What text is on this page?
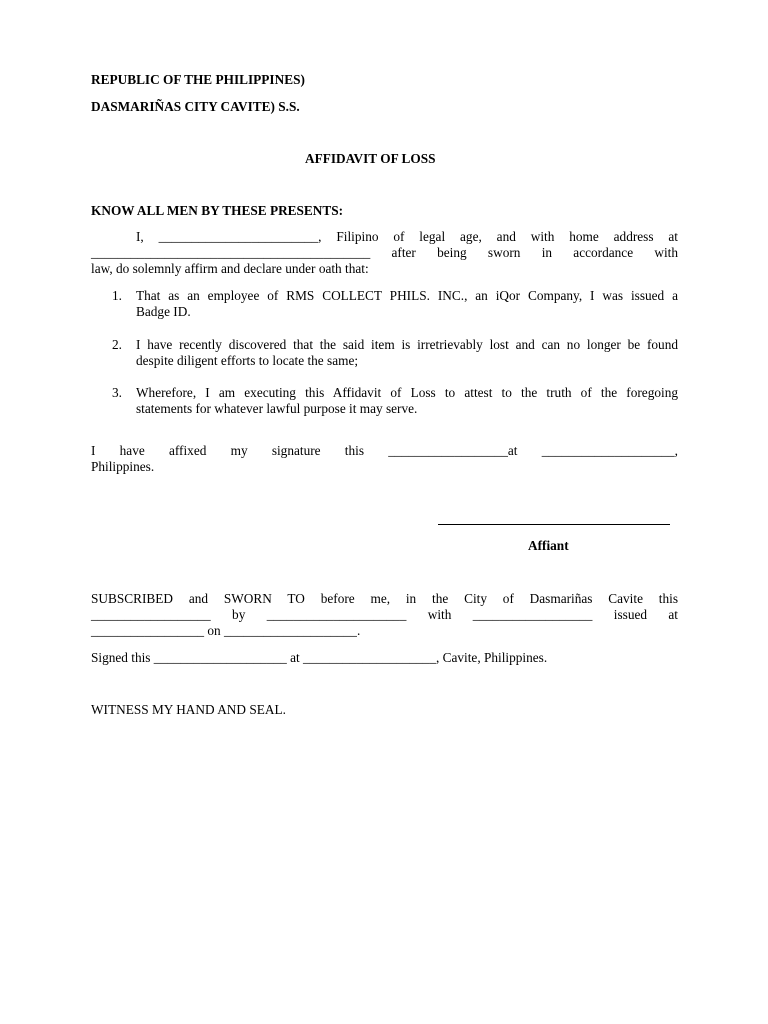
REPUBLIC OF THE PHILIPPINES)
DASMARIÑAS CITY CAVITE) S.S.
AFFIDAVIT OF LOSS
KNOW ALL MEN BY THESE PRESENTS:
I, ________________________, Filipino of legal age, and with home address at
__________________________________________ after being sworn in accordance with
law, do solemnly affirm and declare under oath that:
1. That as an employee of RMS COLLECT PHILS. INC., an iQor Company, I was issued a
Badge ID.
2. I have recently discovered that the said item is irretrievably lost and can no longer be found
despite diligent efforts to locate the same;
3. Wherefore, I am executing this Affidavit of Loss to attest to the truth of the foregoing
statements for whatever lawful purpose it may serve.
I have affixed my signature this __________________at ____________________,
Philippines.
Affiant
SUBSCRIBED and SWORN TO before me, in the City of Dasmariñas Cavite this
__________________ by _____________________ with __________________ issued at
_________________ on ____________________.
Signed this ____________________ at ____________________, Cavite, Philippines.
WITNESS MY HAND AND SEAL.
